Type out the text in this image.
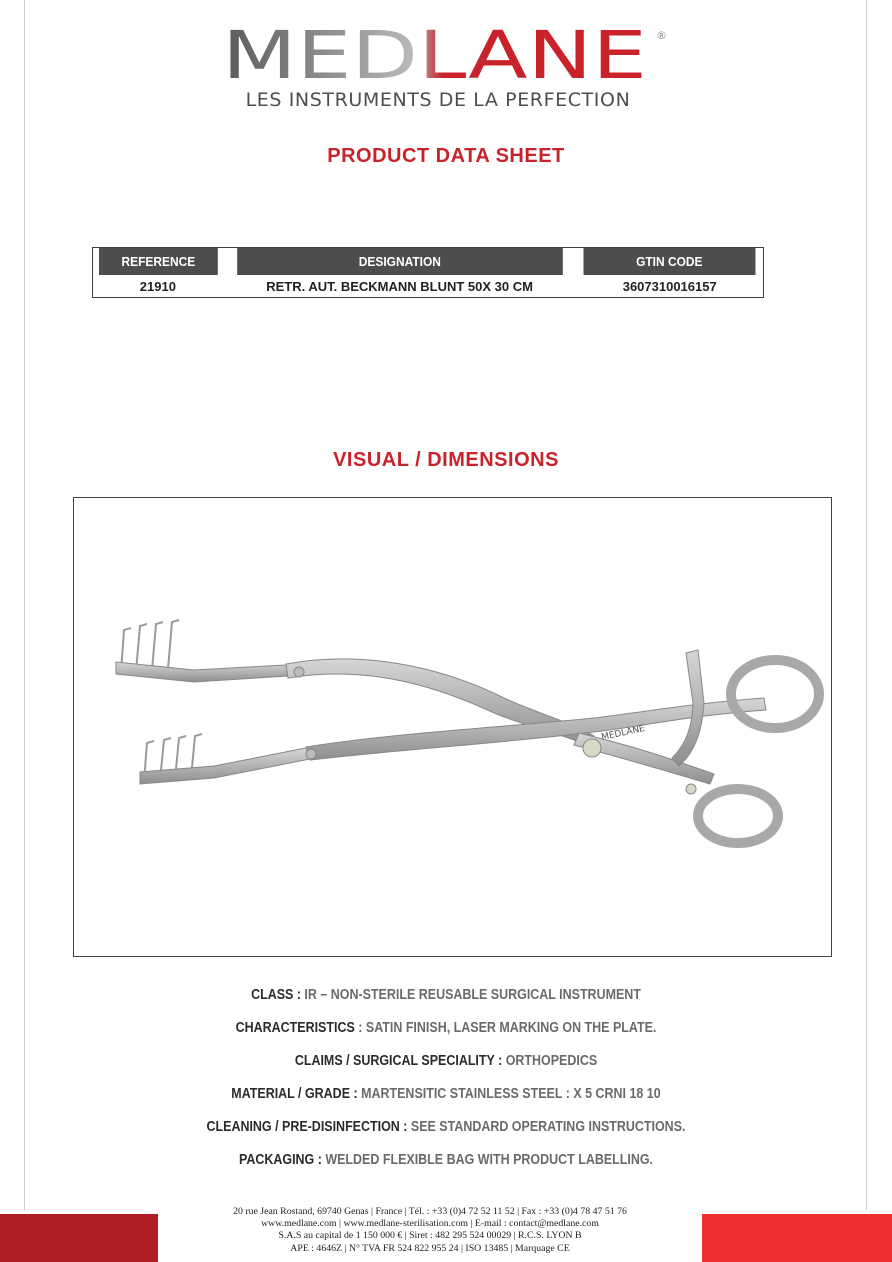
MEDLANE ®
LES INSTRUMENTS DE LA PERFECTION
PRODUCT DATA SHEET
REFERENCE	DESIGNATION	GTIN CODE
21910	RETR. AUT. BECKMANN BLUNT 50X 30 CM	3607310016157
VISUAL / DIMENSIONS
MEDLANE
CLASS : IR – NON-STERILE REUSABLE SURGICAL INSTRUMENT
CHARACTERISTICS : SATIN FINISH, LASER MARKING ON THE PLATE.
CLAIMS / SURGICAL SPECIALITY : ORTHOPEDICS
MATERIAL / GRADE : MARTENSITIC STAINLESS STEEL : X 5 CRNI 18 10
CLEANING / PRE-DISINFECTION : SEE STANDARD OPERATING INSTRUCTIONS.
PACKAGING : WELDED FLEXIBLE BAG WITH PRODUCT LABELLING.
20 rue Jean Rostand, 69740 Genas | France | Tél. : +33 (0)4 72 52 11 52 | Fax : +33 (0)4 78 47 51 76
www.medlane.com | www.medlane-sterilisation.com | E-mail : contact@medlane.com
S.A.S au capital de 1 150 000 € | Siret : 482 295 524 00029 | R.C.S. LYON B
APE : 4646Z | N° TVA FR 524 822 955 24 | ISO 13485 | Marquage CE
